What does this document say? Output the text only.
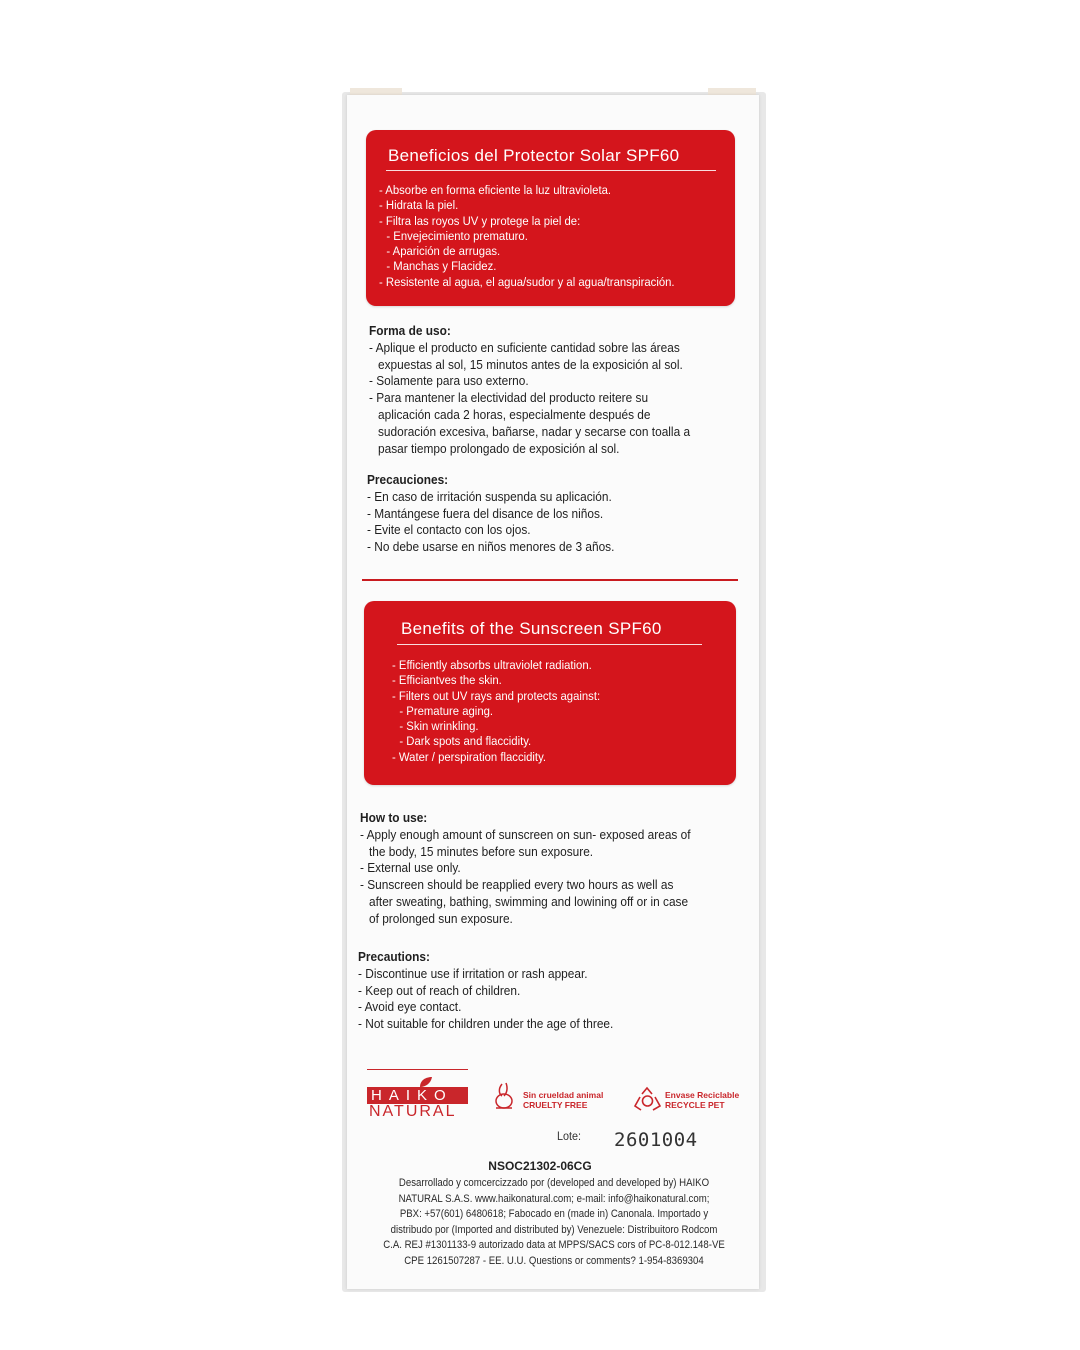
Beneficios del Protector Solar SPF60
- Absorbe en forma eficiente la luz ultravioleta.
- Hidrata la piel.
- Filtra las royos UV y protege la piel de:
- Envejecimiento prematuro.
- Aparición de arrugas.
- Manchas y Flacidez.
- Resistente al agua, el agua/sudor y al agua/transpiración.
Forma de uso:
- Aplique el producto en suficiente cantidad sobre las áreas
expuestas al sol, 15 minutos antes de la exposición al sol.
- Solamente para uso externo.
- Para mantener la electividad del producto reitere su
aplicación cada 2 horas, especialmente después de
sudoración excesiva, bañarse, nadar y secarse con toalla a
pasar tiempo prolongado de exposición al sol.
Precauciones:
- En caso de irritación suspenda su aplicación.
- Mantángese fuera del disance de los niños.
- Evite el contacto con los ojos.
- No debe usarse en niños menores de 3 años.
Benefits of the Sunscreen SPF60
- Efficiently absorbs ultraviolet radiation.
- Efficiantves the skin.
- Filters out UV rays and protects against:
- Premature aging.
- Skin wrinkling.
- Dark spots and flaccidity.
- Water / perspiration flaccidity.
How to use:
- Apply enough amount of sunscreen on sun- exposed areas of
the body, 15 minutes before sun exposure.
- External use only.
- Sunscreen should be reapplied every two hours as well as
after sweating, bathing, swimming and lowining off or in case
of prolonged sun exposure.
Precautions:
- Discontinue use if irritation or rash appear.
- Keep out of reach of children.
- Avoid eye contact.
- Not suitable for children under the age of three.
HAIKO
NATURAL
Sin crueldad animal
CRUELTY FREE
Envase Reciclable
RECYCLE PET
Lote: 2601004
NSOC21302-06CG
Desarrollado y comcercizzado por (developed and developed by) HAIKO
NATURAL S.A.S. www.haikonatural.com; e-mail: info@haikonatural.com;
PBX: +57(601) 6480618; Fabocado en (made in) Canonala. Importado y
distribudo por (Imported and distributed by) Venezuele: Distribuitoro Rodcom
C.A. REJ #1301133-9 autorizado data at MPPS/SACS cors of PC-8-012.148-VE
CPE 1261507287 - EE. U.U. Questions or comments? 1-954-8369304
